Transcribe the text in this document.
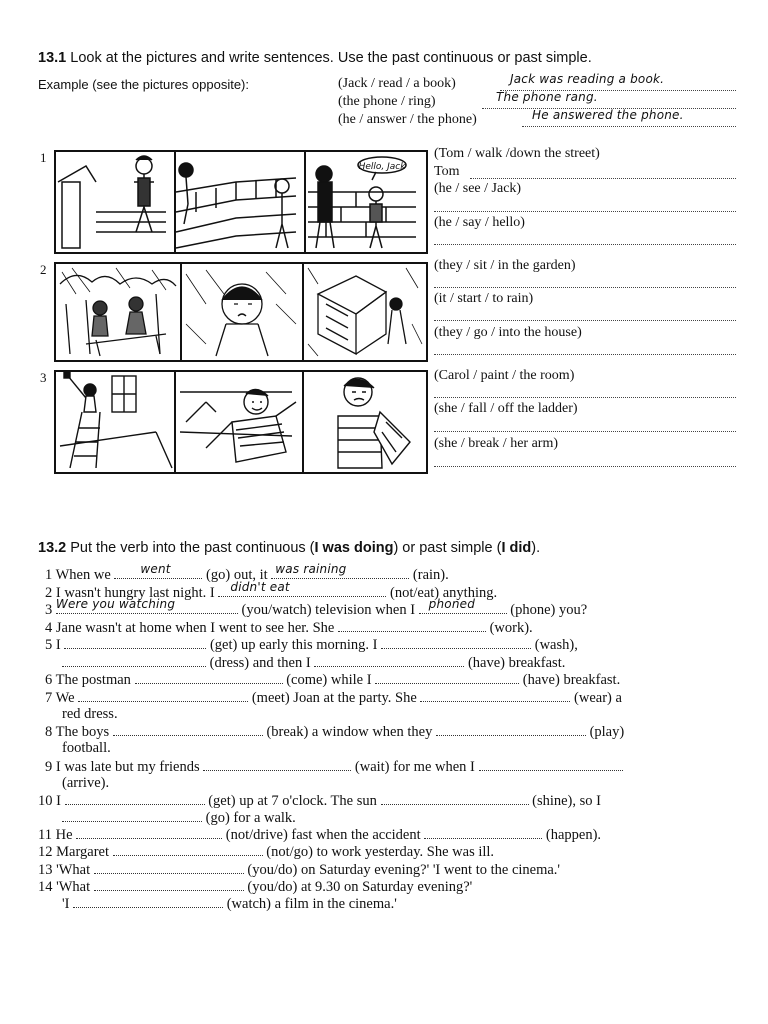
13.1 Look at the pictures and write sentences. Use the past continuous or past simple.
Example (see the pictures opposite):	(Jack / read / a book)	Jack was reading a book.
(the phone / ring)	The phone rang.
(he / answer / the phone)	He answered the phone.
1
Hello, Jack
(Tom / walk /down the street)
Tom
(he / see / Jack)
(he / say / hello)
2	(they / sit / in the garden)
(it / start / to rain)
(they / go / into the house)
3	(Carol / paint / the room)
(she / fall / off the ladder)
(she / break / her arm)
13.2 Put the verb into the past continuous (I was doing) or past simple (I did).
1 When we went (go) out, it was raining	(rain).
2 I wasn't hungry last night. I didn't eat	(not/eat) anything.
3 Were you watching	(you/watch) television when I phoned (phone) you?
4 Jane wasn't at home when I went to see her. She	(work).
5 I	(get) up early this morning. I	(wash),
(dress) and then I	(have) breakfast.
6 The postman	(come) while I	(have) breakfast.
7 We	(meet) Joan at the party. She	(wear) a
red dress.
8 The boys	(break) a window when they	(play)
football.
9 I was late but my friends	(wait) for me when I
(arrive).
10 I	(get) up at 7 o'clock. The sun	(shine), so I
(go) for a walk.
11 He	(not/drive) fast when the accident	(happen).
12 Margaret	(not/go) to work yesterday. She was ill.
13 'What	(you/do) on Saturday evening?' 'I went to the cinema.'
14 'What	(you/do) at 9.30 on Saturday evening?'
'I	(watch) a film in the cinema.'
